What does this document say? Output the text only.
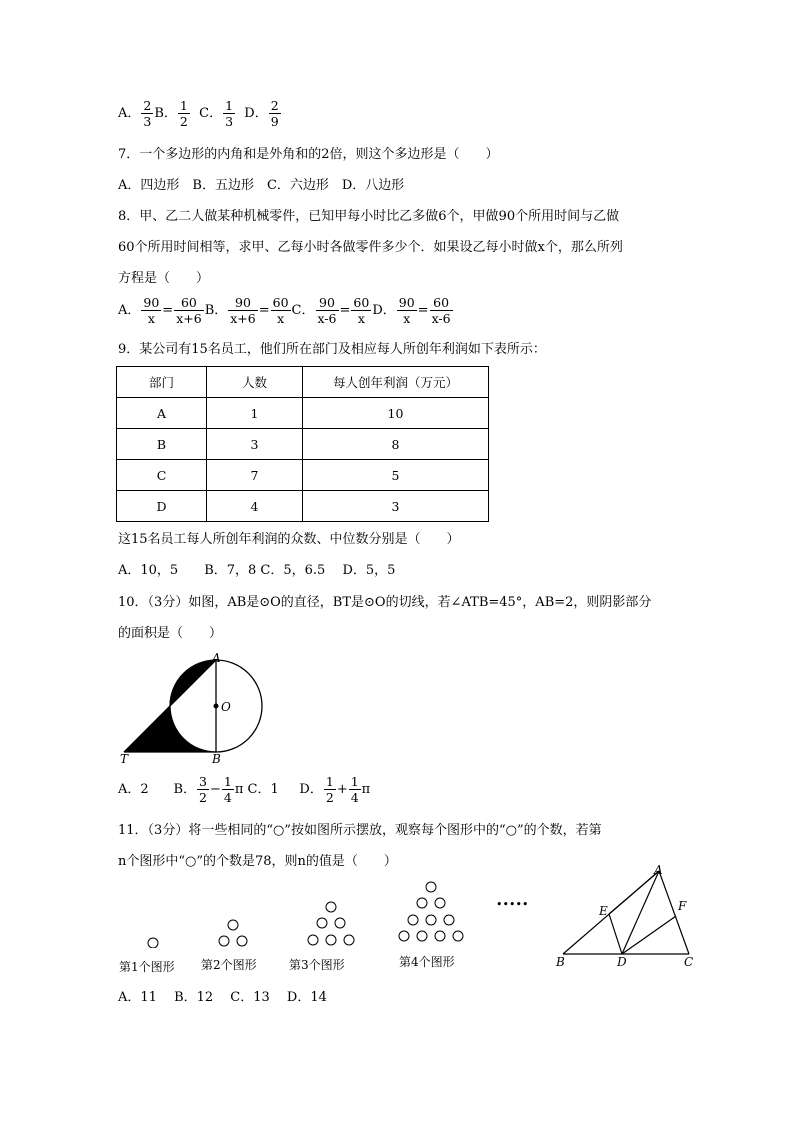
A． $\frac{2}{3}$ B． $\frac{1}{2}$ C． $\frac{1}{3}$ D． $\frac{2}{9}$
7．一个多边形的内角和是外角和的2倍，则这个多边形是（　　）
A．四边形　B．五边形　C．六边形　D．八边形
8．甲、乙二人做某种机械零件，已知甲每小时比乙多做6个，甲做90个所用时间与乙做
60个所用时间相等，求甲、乙每小时各做零件多少个．如果设乙每小时做x个，那么所列
方程是（　　）
A． $\frac{90}{x} = \frac{60}{x+6}$ B． $\frac{90}{x+6} = \frac{60}{x}$ C． $\frac{90}{x-6} = \frac{60}{x}$ D． $\frac{90}{x} = \frac{60}{x-6}$
9．某公司有15名员工，他们所在部门及相应每人所创年利润如下表所示：
部门	人数	每人创年利润（万元）
A	1	10
B	3	8
C	7	5
D	4	3
这15名员工每人所创年利润的众数、中位数分别是（　　）
A．10，5　　B．7，8 C．5，6.5　 D．5，5
10．（3分）如图，AB是⊙O的直径，BT是⊙O的切线，若∠ATB=45°，AB=2，则阴影部分
的面积是（　　）
A
O
T	B
A．2 B． $\frac{3}{2} - \frac{1}{4}$ π C．1 D． $\frac{1}{2} + \frac{1}{4}$ π
11．（3分）将一些相同的“○”按如图所示摆放，观察每个图形中的“○”的个数，若第
n个图形中“○”的个数是78，则n的值是（　　）
第1个图形 第2个图形	第3个图形	第4个图形
•••••
A
E	F
B	D	C
A．11　 B．12　 C．13　 D．14
